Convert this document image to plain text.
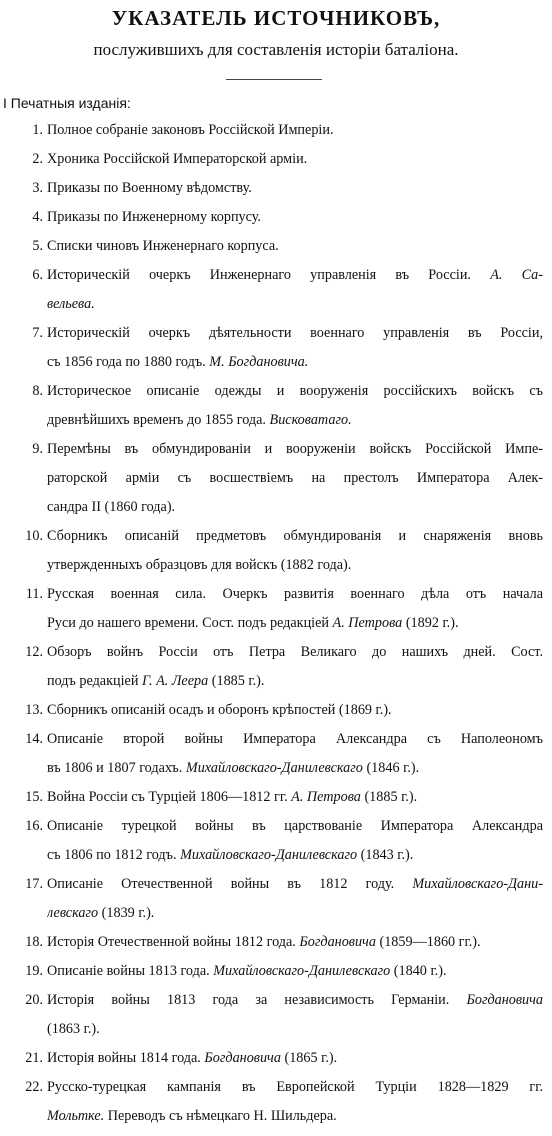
УКАЗАТЕЛЬ ИСТОЧНИКОВЪ,
послужившихъ для составленія исторіи баталіона.
I Печатныя изданія:
1. Полное собраніе законовъ Россійской Имперіи.
2. Хроника Россійской Императорской арміи.
3. Приказы по Военному вѣдомству.
4. Приказы по Инженерному корпусу.
5. Списки чиновъ Инженернаго корпуса.
6. Историческій очеркъ Инженернаго управленія въ Россіи. А. Са-
вельева.
7. Историческій очеркъ дѣятельности военнаго управленія въ Россіи,
съ 1856 года по 1880 годъ. М. Богдановича.
8. Историческое описаніе одежды и вооруженія россійскихъ войскъ съ
древнѣйшихъ временъ до 1855 года. Висковатаго.
9. Перемѣны въ обмундированіи и вооруженіи войскъ Россійской Импе-
раторской арміи съ восшествіемъ на престолъ Императора Алек-
сандра II (1860 года).
10. Сборникъ описаній предметовъ обмундированія и снаряженія вновь
утвержденныхъ образцовъ для войскъ (1882 года).
11. Русская военная сила. Очеркъ развитія военнаго дѣла отъ начала
Руси до нашего времени. Сост. подъ редакціей А. Петрова (1892 г.).
12. Обзоръ войнъ Россіи отъ Петра Великаго до нашихъ дней. Сост.
подъ редакціей Г. А. Леера (1885 г.).
13. Сборникъ описаній осадъ и оборонъ крѣпостей (1869 г.).
14. Описаніе второй войны Императора Александра съ Наполеономъ
въ 1806 и 1807 годахъ. Михайловскаго-Данилевскаго (1846 г.).
15. Война Россіи съ Турціей 1806—1812 гг. А. Петрова (1885 г.).
16. Описаніе турецкой войны въ царствованіе Императора Александра
съ 1806 по 1812 годъ. Михайловскаго-Данилевскаго (1843 г.).
17. Описаніе Отечественной войны въ 1812 году. Михайловскаго-Дани-
левскаго (1839 г.).
18. Исторія Отечественной войны 1812 года. Богдановича (1859—1860 гг.).
19. Описаніе войны 1813 года. Михайловскаго-Данилевскаго (1840 г.).
20. Исторія войны 1813 года за независимость Германіи. Богдановича
(1863 г.).
21. Исторія войны 1814 года. Богдановича (1865 г.).
22. Русско-турецкая кампанія въ Европейской Турціи 1828—1829 гг.
Мольтке. Переводъ съ нѣмецкаго Н. Шильдера.
